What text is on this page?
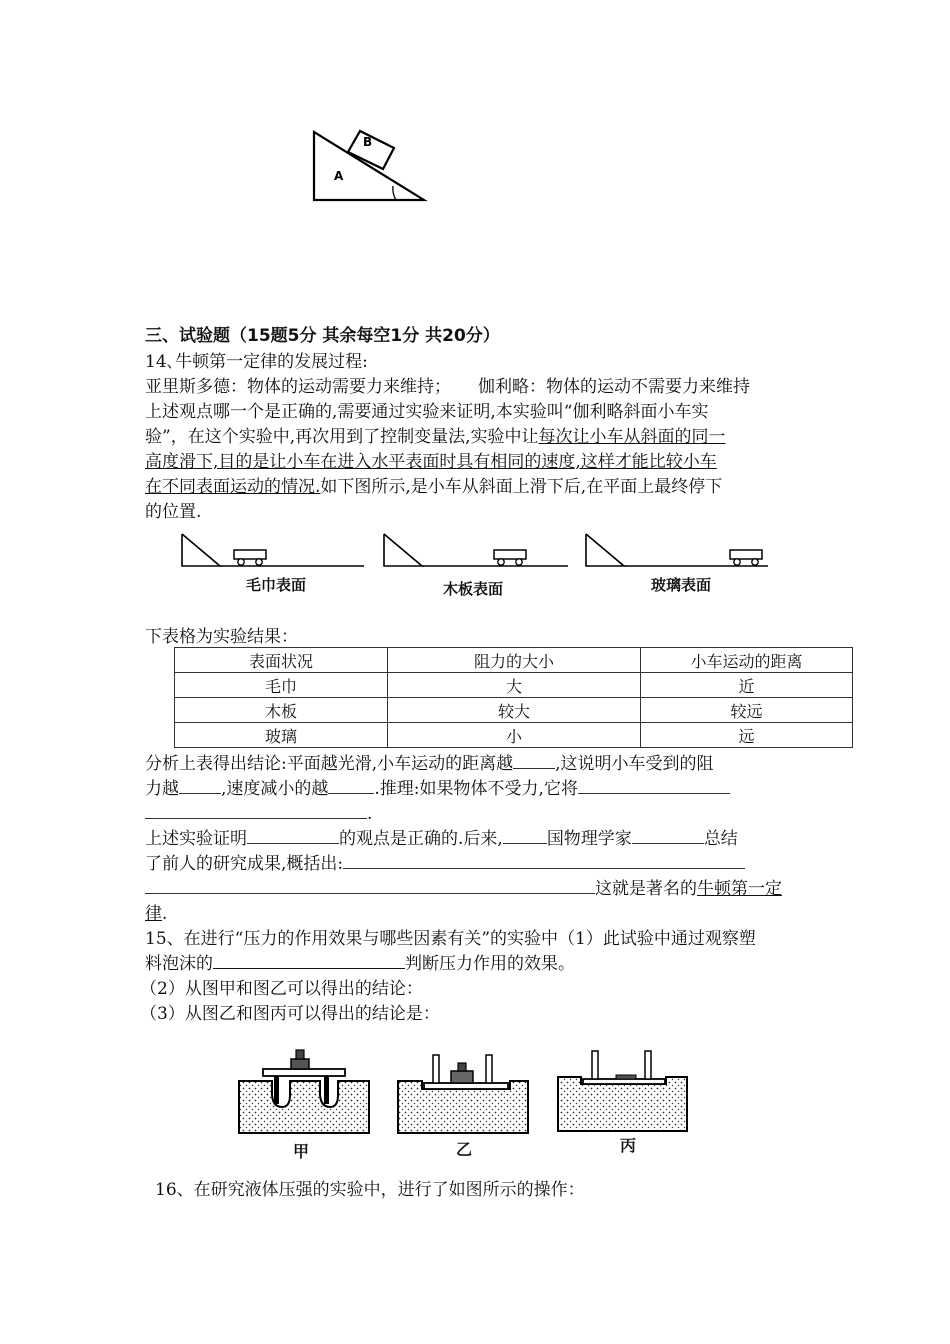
B
A
三、试验题（15题5分 其余每空1分 共20分）
14､牛顿第一定律的发展过程:
亚里斯多德：物体的运动需要力来维持；     伽利略：物体的运动不需要力来维持
上述观点哪一个是正确的,需要通过实验来证明,本实验叫“伽利略斜面小车实
验”，在这个实验中,再次用到了控制变量法,实验中让每次让小车从斜面的同一
高度滑下,目的是让小车在进入水平表面时具有相同的速度,这样才能比较小车
在不同表面运动的情况.如下图所示,是小车从斜面上滑下后,在平面上最终停下
的位置.
毛巾表面	木板表面	玻璃表面
下表格为实验结果：
表面状况	阻力的大小	小车运动的距离
毛巾	大	近
木板	较大	较远
玻璃	小	远
分析上表得出结论:平面越光滑,小车运动的距离越 ,这说明小车受到的阻
力越 ,速度减小的越	.推理:如果物体不受力,它将
.
上述实验证明	的观点是正确的.后来,	国物理学家	总结
了前人的研究成果,概括出:
这就是著名的牛顿第一定
律.
15、在进行“压力的作用效果与哪些因素有关”的实验中（1）此试验中通过观察塑
料泡沫的	判断压力作用的效果。
（2）从图甲和图乙可以得出的结论：
（3）从图乙和图丙可以得出的结论是：
甲	乙	丙
16、在研究液体压强的实验中，进行了如图所示的操作：
